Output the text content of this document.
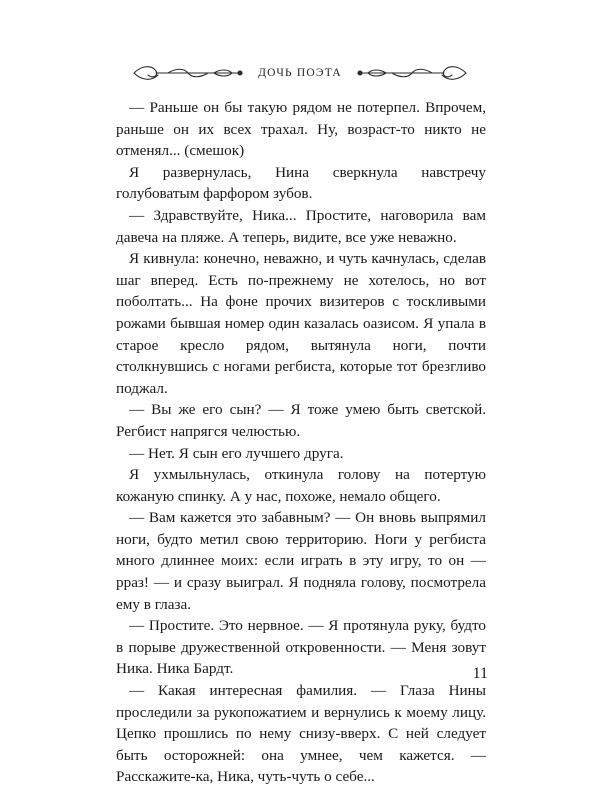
ДОЧЬ ПОЭТА

— Раньше он бы такую рядом не потерпел. Впрочем, раньше он их всех трахал. Ну, возраст-то никто не отменял... (смешок)

Я развернулась, Нина сверкнула навстречу голубоватым фарфором зубов.

— Здравствуйте, Ника... Простите, наговорила вам давеча на пляже. А теперь, видите, все уже неважно.

Я кивнула: конечно, неважно, и чуть качнулась, сделав шаг вперед. Есть по-прежнему не хотелось, но вот поболтать... На фоне прочих визитеров с тоскливыми рожами бывшая номер один казалась оазисом. Я упала в старое кресло рядом, вытянула ноги, почти столкнувшись с ногами регбиста, которые тот брезгливо поджал.

— Вы же его сын? — Я тоже умею быть светской. Регбист напрягся челюстью.

— Нет. Я сын его лучшего друга.

Я ухмыльнулась, откинула голову на потертую кожаную спинку. А у нас, похоже, немало общего.

— Вам кажется это забавным? — Он вновь выпрямил ноги, будто метил свою территорию. Ноги у регбиста много длиннее моих: если играть в эту игру, то он — рраз! — и сразу выиграл. Я подняла голову, посмотрела ему в глаза.

— Простите. Это нервное. — Я протянула руку, будто в порыве дружественной откровенности. — Меня зовут Ника. Ника Бардт.

— Какая интересная фамилия. — Глаза Нины проследили за рукопожатием и вернулись к моему лицу. Цепко прошлись по нему снизу-вверх. С ней следует быть осторожней: она умнее, чем кажется. — Расскажите-ка, Ника, чуть-чуть о себе...

11
